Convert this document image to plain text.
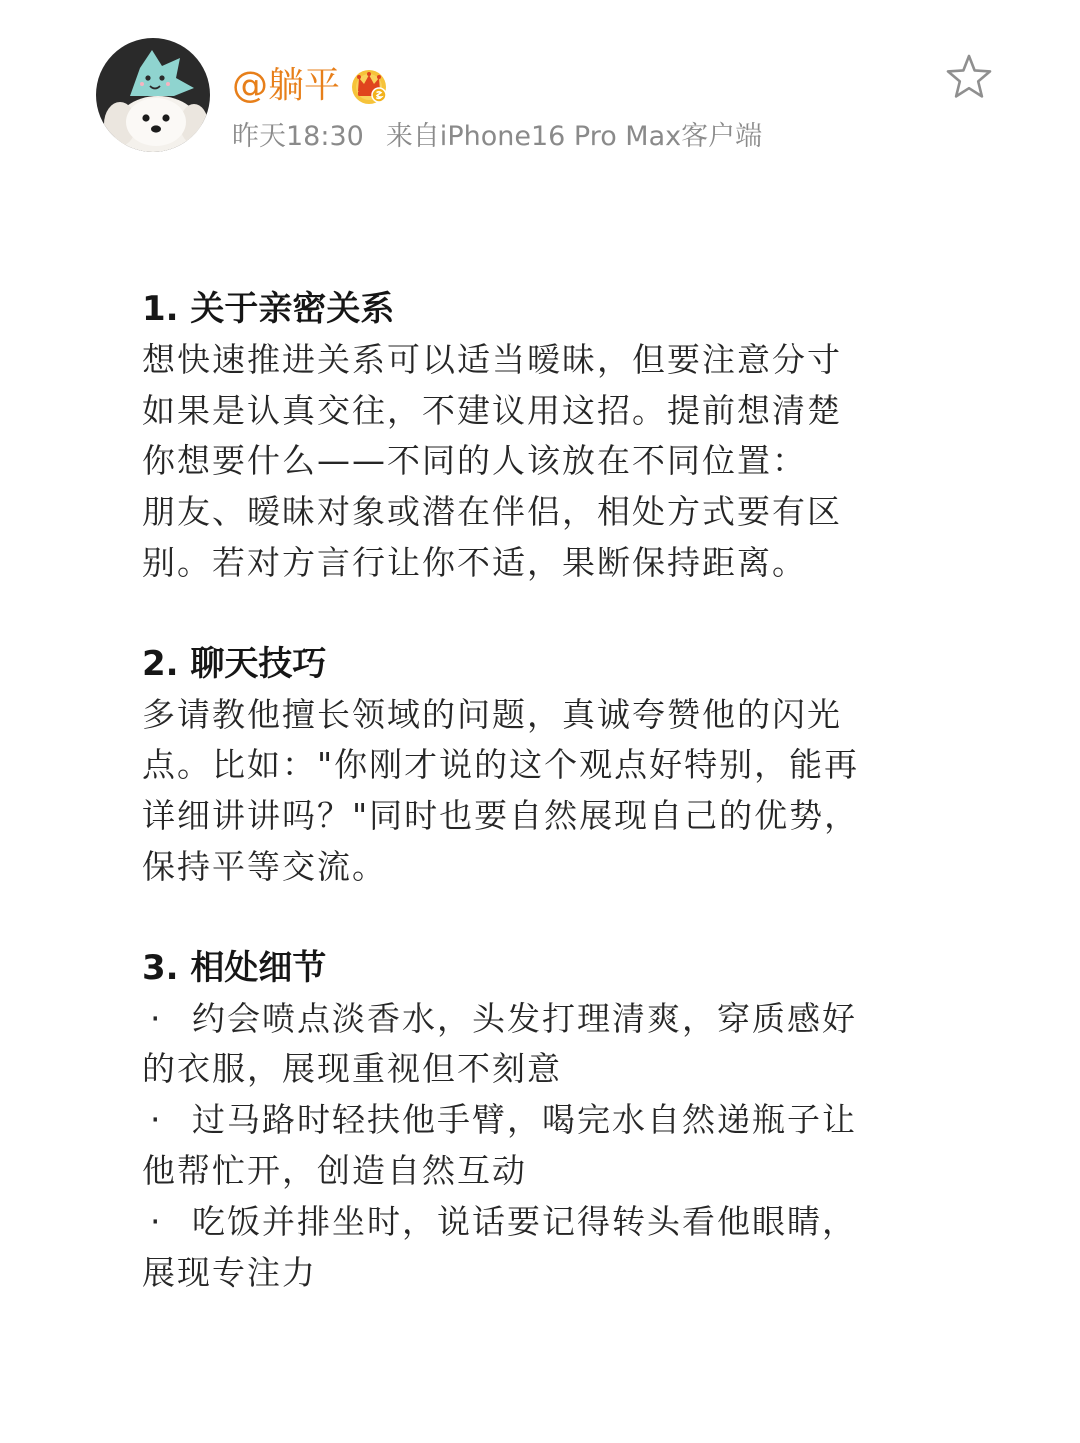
@躺平
昨天18:30 来自iPhone16 Pro Max客户端
1. 关于亲密关系
想快速推进关系可以适当暧昧，但要注意分寸
如果是认真交往，不建议用这招。提前想清楚
你想要什么——不同的人该放在不同位置：
朋友、暧昧对象或潜在伴侣，相处方式要有区
别。若对方言行让你不适，果断保持距离。
2. 聊天技巧
多请教他擅长领域的问题，真诚夸赞他的闪光
点。比如："你刚才说的这个观点好特别，能再
详细讲讲吗？"同时也要自然展现自己的优势，
保持平等交流。
3. 相处细节
· 约会喷点淡香水，头发打理清爽，穿质感好
的衣服，展现重视但不刻意
· 过马路时轻扶他手臂，喝完水自然递瓶子让
他帮忙开，创造自然互动
· 吃饭并排坐时，说话要记得转头看他眼睛，
展现专注力
